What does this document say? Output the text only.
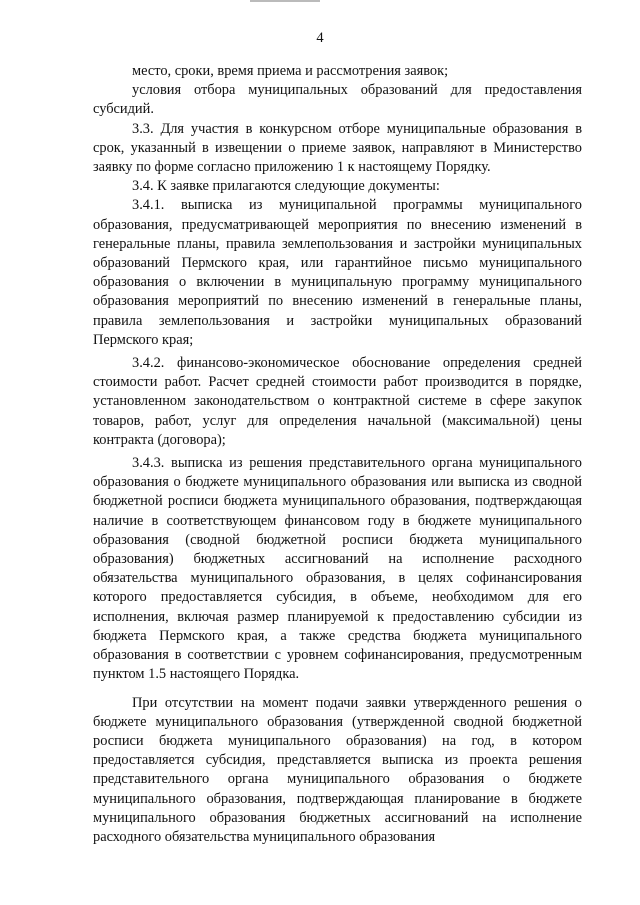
4

место, сроки, время приема и рассмотрения заявок;

условия отбора муниципальных образований для предоставления субсидий.

3.3. Для участия в конкурсном отборе муниципальные образования в срок, указанный в извещении о приеме заявок, направляют в Министерство заявку по форме согласно приложению 1 к настоящему Порядку.

3.4. К заявке прилагаются следующие документы:

3.4.1. выписка из муниципальной программы муниципального образования, предусматривающей мероприятия по внесению изменений в генеральные планы, правила землепользования и застройки муниципальных образований Пермского края, или гарантийное письмо муниципального образования о включении в муниципальную программу муниципального образования мероприятий по внесению изменений в генеральные планы, правила землепользования и застройки муниципальных образований Пермского края;

3.4.2. финансово-экономическое обоснование определения средней стоимости работ. Расчет средней стоимости работ производится в порядке, установленном законодательством о контрактной системе в сфере закупок товаров, работ, услуг для определения начальной (максимальной) цены контракта (договора);

3.4.3. выписка из решения представительного органа муниципального образования о бюджете муниципального образования или выписка из сводной бюджетной росписи бюджета муниципального образования, подтверждающая наличие в соответствующем финансовом году в бюджете муниципального образования (сводной бюджетной росписи бюджета муниципального образования) бюджетных ассигнований на исполнение расходного обязательства муниципального образования, в целях софинансирования которого предоставляется субсидия, в объеме, необходимом для его исполнения, включая размер планируемой к предоставлению субсидии из бюджета Пермского края, а также средства бюджета муниципального образования в соответствии с уровнем софинансирования, предусмотренным пунктом 1.5 настоящего Порядка.

При отсутствии на момент подачи заявки утвержденного решения о бюджете муниципального образования (утвержденной сводной бюджетной росписи бюджета муниципального образования) на год, в котором предоставляется субсидия, представляется выписка из проекта решения представительного органа муниципального образования о бюджете муниципального образования, подтверждающая планирование в бюджете муниципального образования бюджетных ассигнований на исполнение расходного обязательства муниципального образования
